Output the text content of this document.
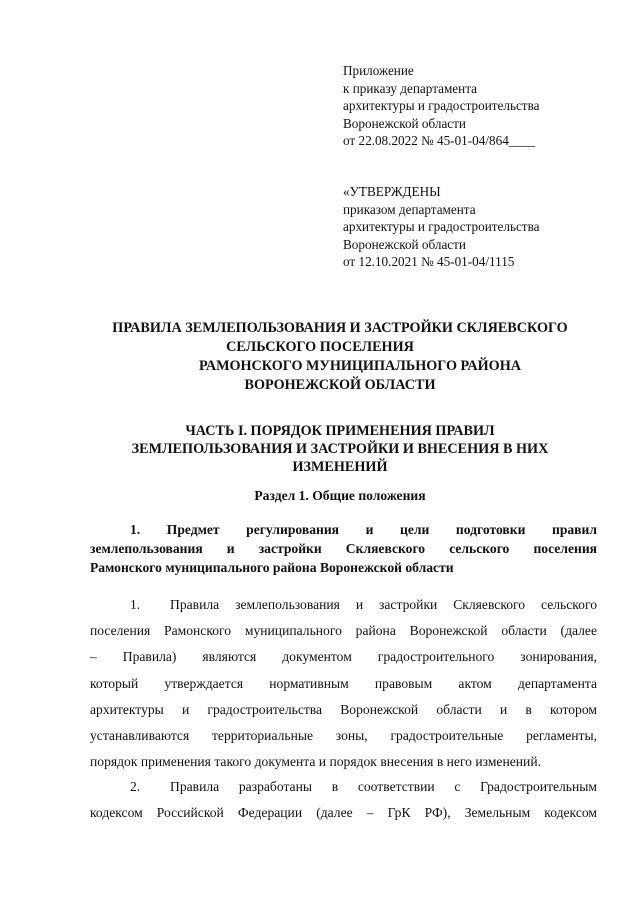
Приложение
к приказу департамента
архитектуры и градостроительства
Воронежской области
от 22.08.2022 № 45-01-04/864____
«УТВЕРЖДЕНЫ
приказом департамента
архитектуры и градостроительства
Воронежской области
от 12.10.2021 № 45-01-04/1115
ПРАВИЛА ЗЕМЛЕПОЛЬЗОВАНИЯ И ЗАСТРОЙКИ СКЛЯЕВСКОГО
СЕЛЬСКОГО ПОСЕЛЕНИЯ
РАМОНСКОГО МУНИЦИПАЛЬНОГО РАЙОНА
ВОРОНЕЖСКОЙ ОБЛАСТИ
ЧАСТЬ I. ПОРЯДОК ПРИМЕНЕНИЯ ПРАВИЛ
ЗЕМЛЕПОЛЬЗОВАНИЯ И ЗАСТРОЙКИ И ВНЕСЕНИЯ В НИХ
ИЗМЕНЕНИЙ
Раздел 1. Общие положения
1. Предмет регулирования и цели подготовки правил
землепользования и застройки Скляевского сельского поселения
Рамонского муниципального района Воронежской области
1. Правила землепользования и застройки Скляевского сельского
поселения Рамонского муниципального района Воронежской области (далее
– Правила) являются документом градостроительного зонирования,
который утверждается нормативным правовым актом департамента
архитектуры и градостроительства Воронежской области и в котором
устанавливаются территориальные зоны, градостроительные регламенты,
порядок применения такого документа и порядок внесения в него изменений.
2. Правила разработаны в соответствии с Градостроительным
кодексом Российской Федерации (далее – ГрК РФ), Земельным кодексом
